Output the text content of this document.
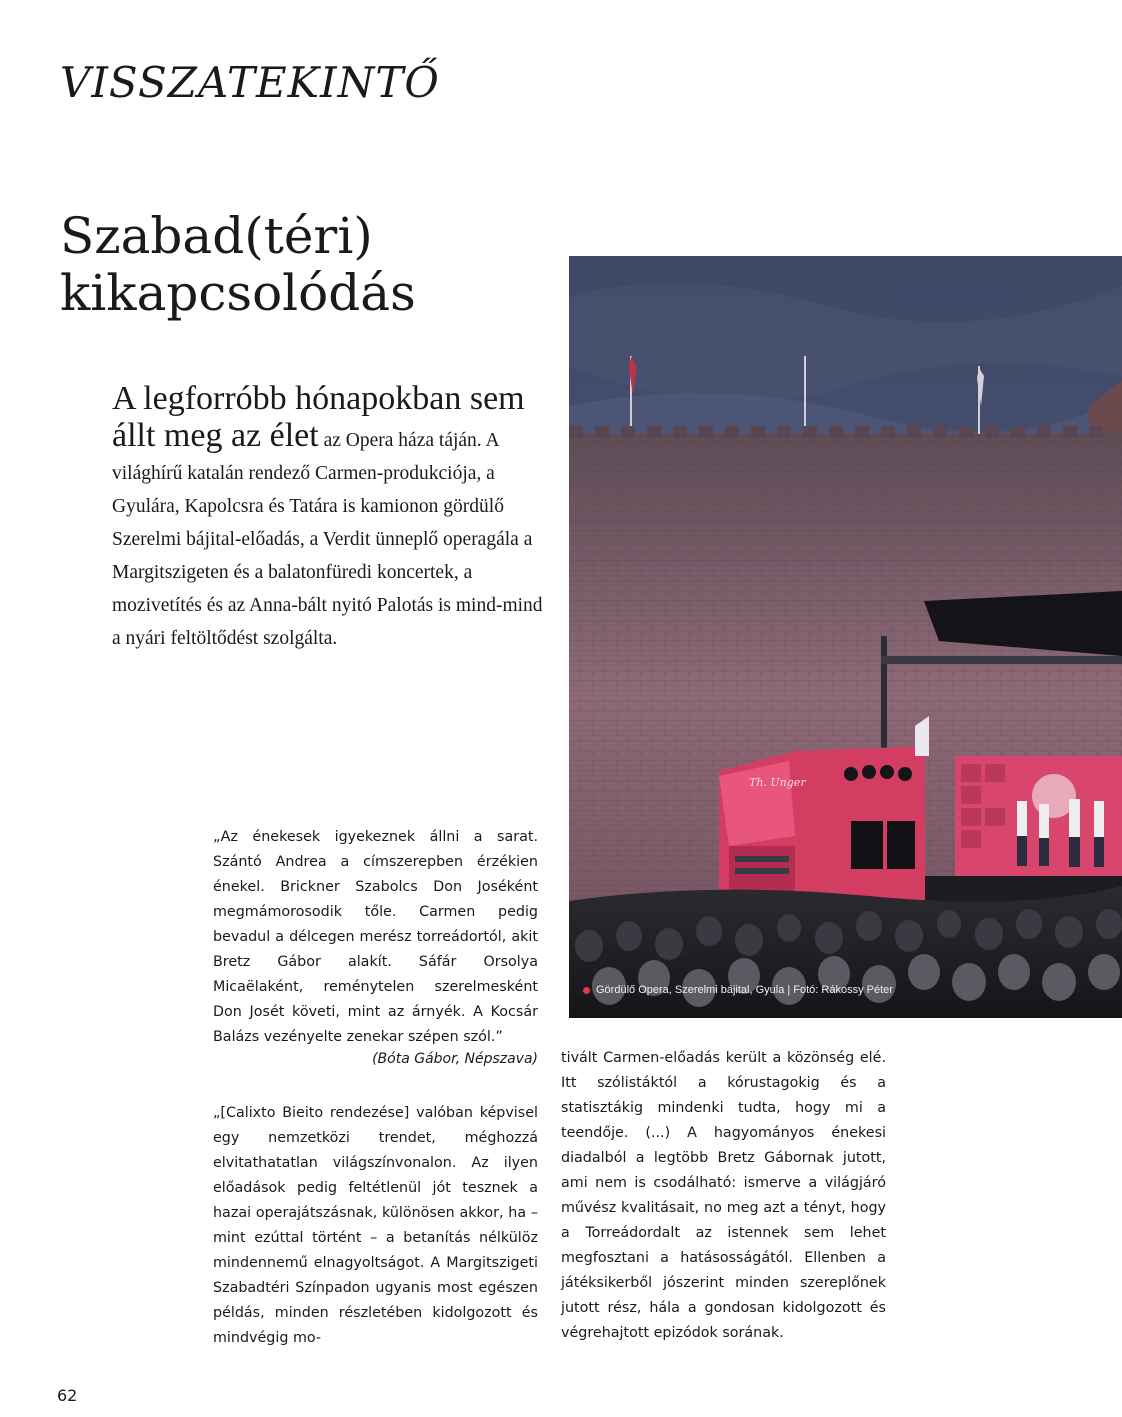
VISSZATEKINTŐ
Szabad(téri)
kikapcsolódás

A legforróbb hónapokban sem állt meg az élet az Opera háza táján. A világhírű katalán rendező Carmen-produkciója, a Gyulára, Kapolcsra és Tatára is kamionon gördülő Szerelmi bájital-előadás, a Verdit ünneplő operagála a Margitszigeten és a balatonfüredi koncertek, a mozivetítés és az Anna-bált nyitó Palotás is mind-mind a nyári feltöltődést szolgálta.

Th. Unger
Gördülő Opera, Szerelmi bájital, Gyula | Fotó: Rákossy Péter

„Az énekesek igyekeznek állni a sarat. Szántó Andrea a címszerepben érzékien énekel. Brickner Szabolcs Don Joséként megmámorosodik tőle. Carmen pedig bevadul a délcegen merész torreádortól, akit Bretz Gábor alakít. Sáfár Orsolya Micaëlaként, reménytelen szerelmesként Don Josét követi, mint az árnyék. A Kocsár Balázs vezényelte zenekar szépen szól.”

(Bóta Gábor, Népszava)

„[Calixto Bieito rendezése] valóban képvisel egy nemzetközi trendet, méghozzá elvitathatatlan világszínvonalon. Az ilyen előadások pedig feltétlenül jót tesznek a hazai operajátszásnak, különösen akkor, ha – mint ezúttal történt – a betanítás nélkülöz mindennemű elnagyoltságot. A Margitszigeti Szabadtéri Színpadon ugyanis most egészen példás, minden részletében kidolgozott és mindvégig mo-

tivált Carmen-előadás került a közönség elé. Itt szólistáktól a kórustagokig és a statisztákig mindenki tudta, hogy mi a teendője. (...) A hagyományos énekesi diadalból a legtöbb Bretz Gábornak jutott, ami nem is csodálható: ismerve a világjáró művész kvalitásait, no meg azt a tényt, hogy a Torreádordalt az istennek sem lehet megfosztani a hatásosságától. Ellenben a játéksikerből jószerint minden szereplőnek jutott rész, hála a gondosan kidolgozott és végrehajtott epizódok sorának.

62
